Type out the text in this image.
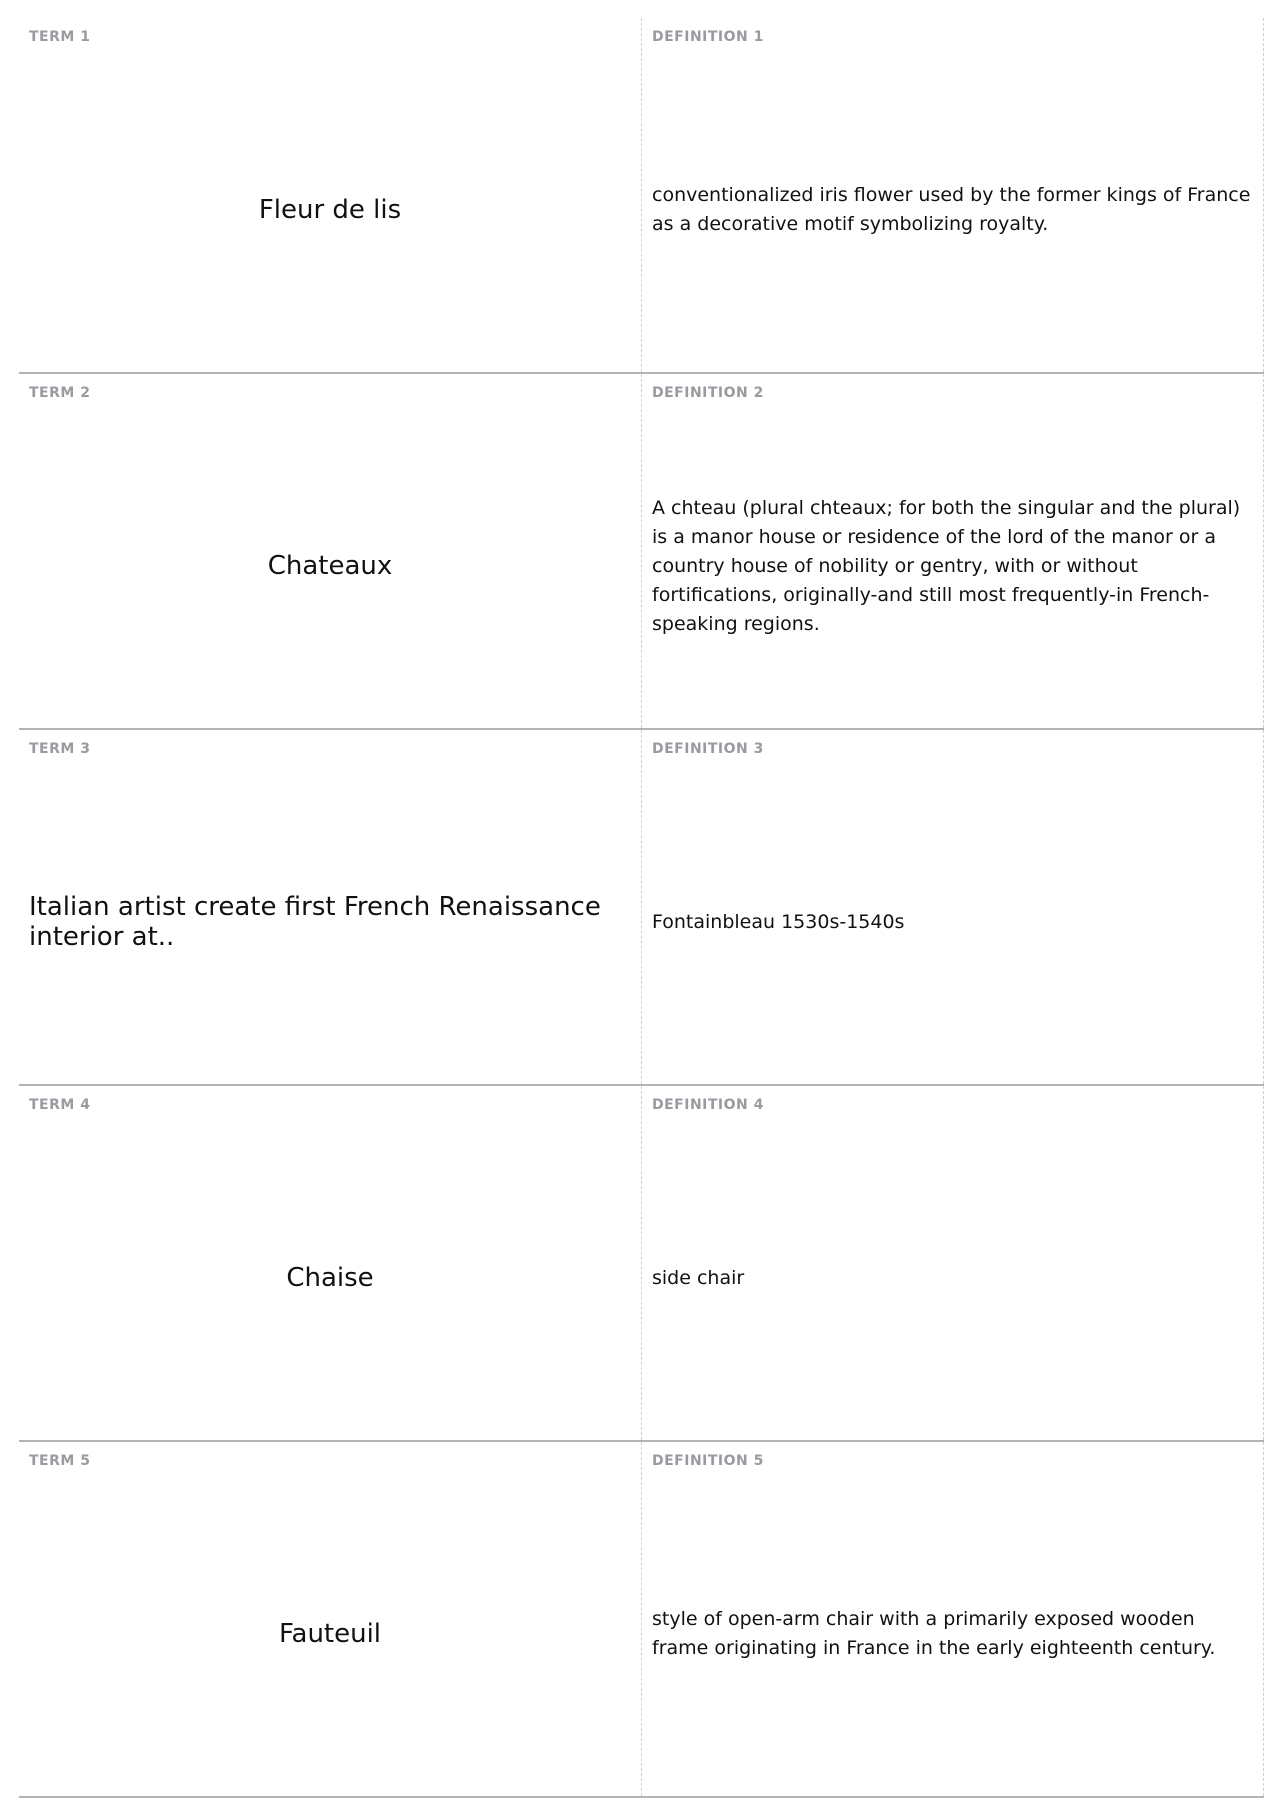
TERM 1
Fleur de lis
DEFINITION 1
conventionalized iris flower used by the former kings of France as a decorative motif symbolizing royalty.
TERM 2
Chateaux
DEFINITION 2
A chteau (plural chteaux; for both the singular and the plural) is a manor house or residence of the lord of the manor or a country house of nobility or gentry, with or without fortifications, originally-and still most frequently-in French-speaking regions.
TERM 3
Italian artist create first French Renaissance interior at..
DEFINITION 3
Fontainbleau 1530s-1540s
TERM 4
Chaise
DEFINITION 4
side chair
TERM 5
Fauteuil
DEFINITION 5
style of open-arm chair with a primarily exposed wooden frame originating in France in the early eighteenth century.
